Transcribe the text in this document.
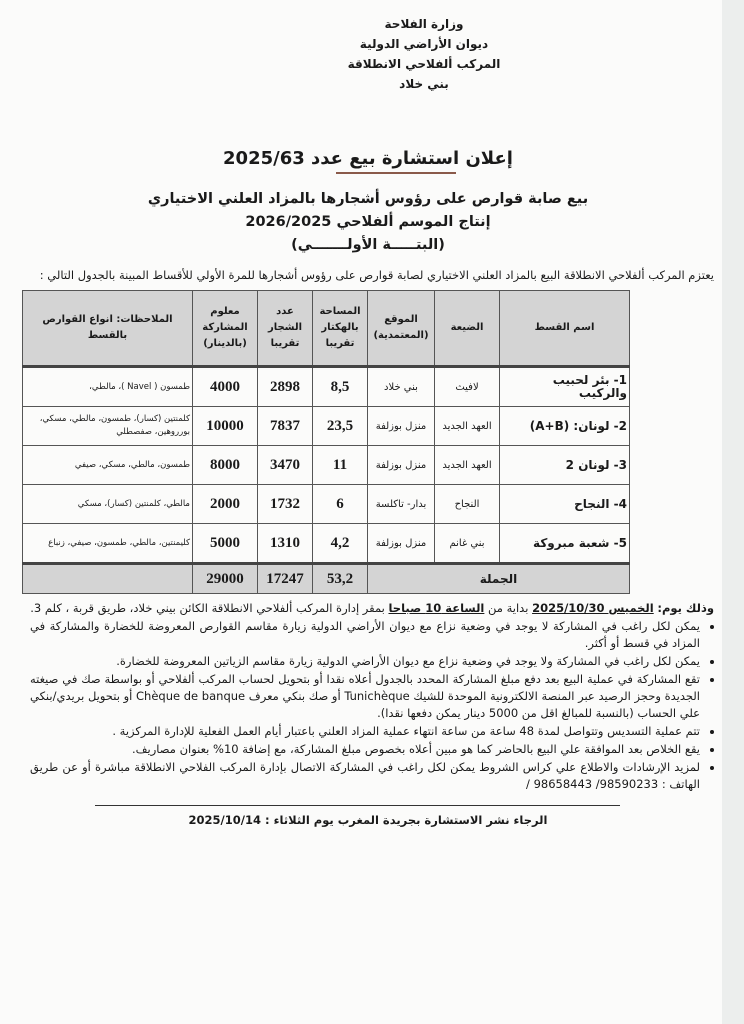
وزارة الفلاحة
ديوان الأراضي الدولية
المركب ألفلاحي الانطلاقة
بني خلاد
إعلان استشارة بيع عدد 2025/63
بيع صابة قوارص على رؤوس أشجارها بالمزاد العلني الاختياري
إنتاج الموسم ألفلاحي 2026/2025
(البتـــــة الأولـــــــي)
يعتزم المركب ألفلاحي الانطلاقة البيع بالمزاد العلني الاختياري لصابة قوارص على رؤوس أشجارها للمرة الأولي للأقساط المبينة بالجدول التالي :
اسم القسط	الضيعة	الموقع (المعتمدية)	المساحة بالهكتار تقريبا	عدد الشجار تقريبا	معلوم المشاركة (بالدينار)	الملاحظات: انواع القوارص بالقسط
1- بئر لحبيب والركيب	لافيث	بني خلاد	8,5	2898	4000	طمسون ( Navel )، مالطي،
2- لونان: (A+B)	العهد الجديد	منزل بوزلفة	23,5	7837	10000	كلمنتين (كسار)، طمسون، مالطي، مسكي، بورروهين، صفصطلي
3- لونان 2	العهد الجديد	منزل بوزلفة	11	3470	8000	طمسون، مالطي، مسكي، صيفي
4- النجاح	النجاح	بدار- تاكلسة	6	1732	2000	مالطي، كلمنتين (كسار)، مسكي
5- شعبة مبروكة	بني غانم	منزل بوزلفة	4,2	1310	5000	كليمنتين، مالطي، طمسون، صيفي، زنباع
الجملة			53,2	17247	29000	
وذلك يوم: الخميس 2025/10/30 بداية من الساعة 10 صباحا بمقر إدارة المركب ألفلاحي الانطلاقة الكائن بيني خلاد، طريق قربة ، كلم 3.
• يمكن لكل راغب في المشاركة لا يوجد في وضعية نزاع مع ديوان الأراضي الدولية زيارة مقاسم القوارص المعروضة للخضارة والمشاركة في المزاد في قسط أو أكثر.
• يمكن لكل راغب في المشاركة ولا يوجد في وضعية نزاع مع ديوان الأراضي الدولية زيارة مقاسم الزياتين المعروضة للخضارة.
• تقع المشاركة في عملية البيع بعد دفع مبلغ المشاركة المحدد بالجدول أعلاه نقدا أو بتحويل لحساب المركب ألفلاحي أو بواسطة صك في صيغته الجديدة وحجز الرصيد عبر المنصة الالكترونية الموحدة للشيك Tunichèque أو صك بنكي معرف Chèque de banque أو بتحويل بريدي/بنكي علي الحساب (بالنسبة للمبالغ اقل من 5000 دينار يمكن دفعها نقدا).
• تتم عملية التسديس وتتواصل لمدة 48 ساعة من ساعة انتهاء عملية المزاد العلني باعتبار أيام العمل الفعلية للإدارة المركزية .
• يقع الخلاص بعد الموافقة علي البيع بالحاضر كما هو مبين أعلاه بخصوص مبلغ المشاركة، مع إضافة 10% بعنوان مصاريف.
• لمزيد الإرشادات والاطلاع علي كراس الشروط يمكن لكل راغب في المشاركة الاتصال بإدارة المركب الفلاحي الانطلاقة مباشرة أو عن طريق الهاتف : 98590233/ 98658443 /
الرجاء نشر الاستشارة بجريدة المغرب يوم الثلاثاء : 2025/10/14
